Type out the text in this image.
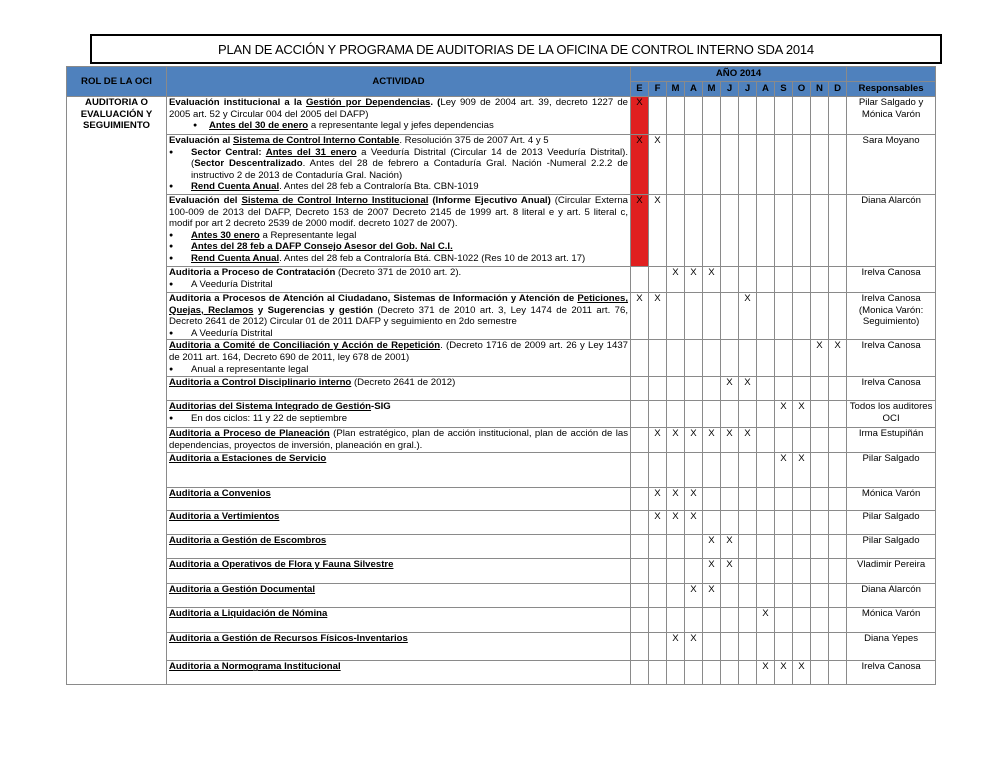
PLAN DE ACCIÓN Y PROGRAMA DE AUDITORIAS DE LA OFICINA DE CONTROL INTERNO SDA 2014
ROL DE LA OCI	ACTIVIDAD	AÑO 2014												
		E	F	M	A	M	J	J	A	S	O	N	D	Responsables
AUDITORIA O EVALUACIÓN Y SEGUIMIENTO	Evaluación institucional a la Gestión por Dependencias. (Ley 909 de 2004 art. 39, decreto 1227 de 2005 art. 52 y Circular 004 del 2005 del DAFP)
● Antes del 30 de enero a representante legal y jefes dependencias	X												Pilar Salgado y Mónica Varón

	Evaluación al Sistema de Control Interno Contable. Resolución 375 de 2007 Art. 4 y 5
● Sector Central: Antes del 31 enero a Veeduría Distrital (Circular 14 de 2013 Veeduría Distrital). (Sector Descentralizado. Antes del 28 de febrero a Contaduría Gral. Nación -Numeral 2.2.2 de instructivo 2 de 2013 de Contaduría Gral. Nación)
● Rend Cuenta Anual. Antes del 28 feb a Contraloría Bta. CBN-1019	X	X											Sara Moyano

	Evaluación del Sistema de Control Interno Institucional (Informe Ejecutivo Anual) (Circular Externa 100-009 de 2013 del DAFP, Decreto 153 de 2007 Decreto 2145 de 1999 art. 8 literal e y art. 5 literal c, modif por art 2 decreto 2539 de 2000 modif. decreto 1027 de 2007).
● Antes 30 enero a Representante legal
● Antes del 28 feb a DAFP Consejo Asesor del Gob. Nal C.I.
● Rend Cuenta Anual. Antes del 28 feb a Contraloría Btá. CBN-1022 (Res 10 de 2013 art. 17)	X	X											Diana Alarcón

	Auditoria a Proceso de Contratación (Decreto 371 de 2010 art. 2).
● A Veeduría Distrital			X	X	X								Irelva Canosa

	Auditoria a Procesos de Atención al Ciudadano, Sistemas de Información y Atención de Peticiones, Quejas, Reclamos y Sugerencias y gestión (Decreto 371 de 2010 art. 3, Ley 1474 de 2011 art. 76, Decreto 2641 de 2012) Circular 01 de 2011 DAFP y seguimiento en 2do semestre
● A Veeduría Distrital	X	X					X						Irelva Canosa (Monica Varón: Seguimiento)

	Auditoria a Comité de Conciliación y Acción de Repetición. (Decreto 1716 de 2009 art. 26 y Ley 1437 de 2011 art. 164, Decreto 690 de 2011, ley 678 de 2001)
● Anual a representante legal											X	X	Irelva Canosa

	Auditoria a Control Disciplinario interno (Decreto 2641 de 2012)						X	X						Irelva Canosa

	Auditorias del Sistema Integrado de Gestión-SIG
● En dos ciclos: 11 y 22 de septiembre									X	X			Todos los auditores OCI

	Auditoria a Proceso de Planeación (Plan estratégico, plan de acción institucional, plan de acción de las dependencias, proyectos de inversión, planeación en gral.).		X	X	X	X	X	X						Irma Estupiñán

	Auditoria a Estaciones de Servicio									X	X			Pilar Salgado

	Auditoria a Convenios		X	X	X									Mónica Varón

	Auditoria a Vertimientos		X	X	X									Pilar Salgado

	Auditoria a Gestión de Escombros					X	X							Pilar Salgado

	Auditoria a Operativos de Flora y Fauna Silvestre					X	X							Vladimir Pereira

	Auditoria a Gestión Documental				X	X								Diana Alarcón

	Auditoria a Liquidación de Nómina								X					Mónica Varón

	Auditoria a Gestión de Recursos Físicos-Inventarios			X	X									Diana Yepes

	Auditoria a Normograma Institucional								X	X	X			Irelva Canosa
